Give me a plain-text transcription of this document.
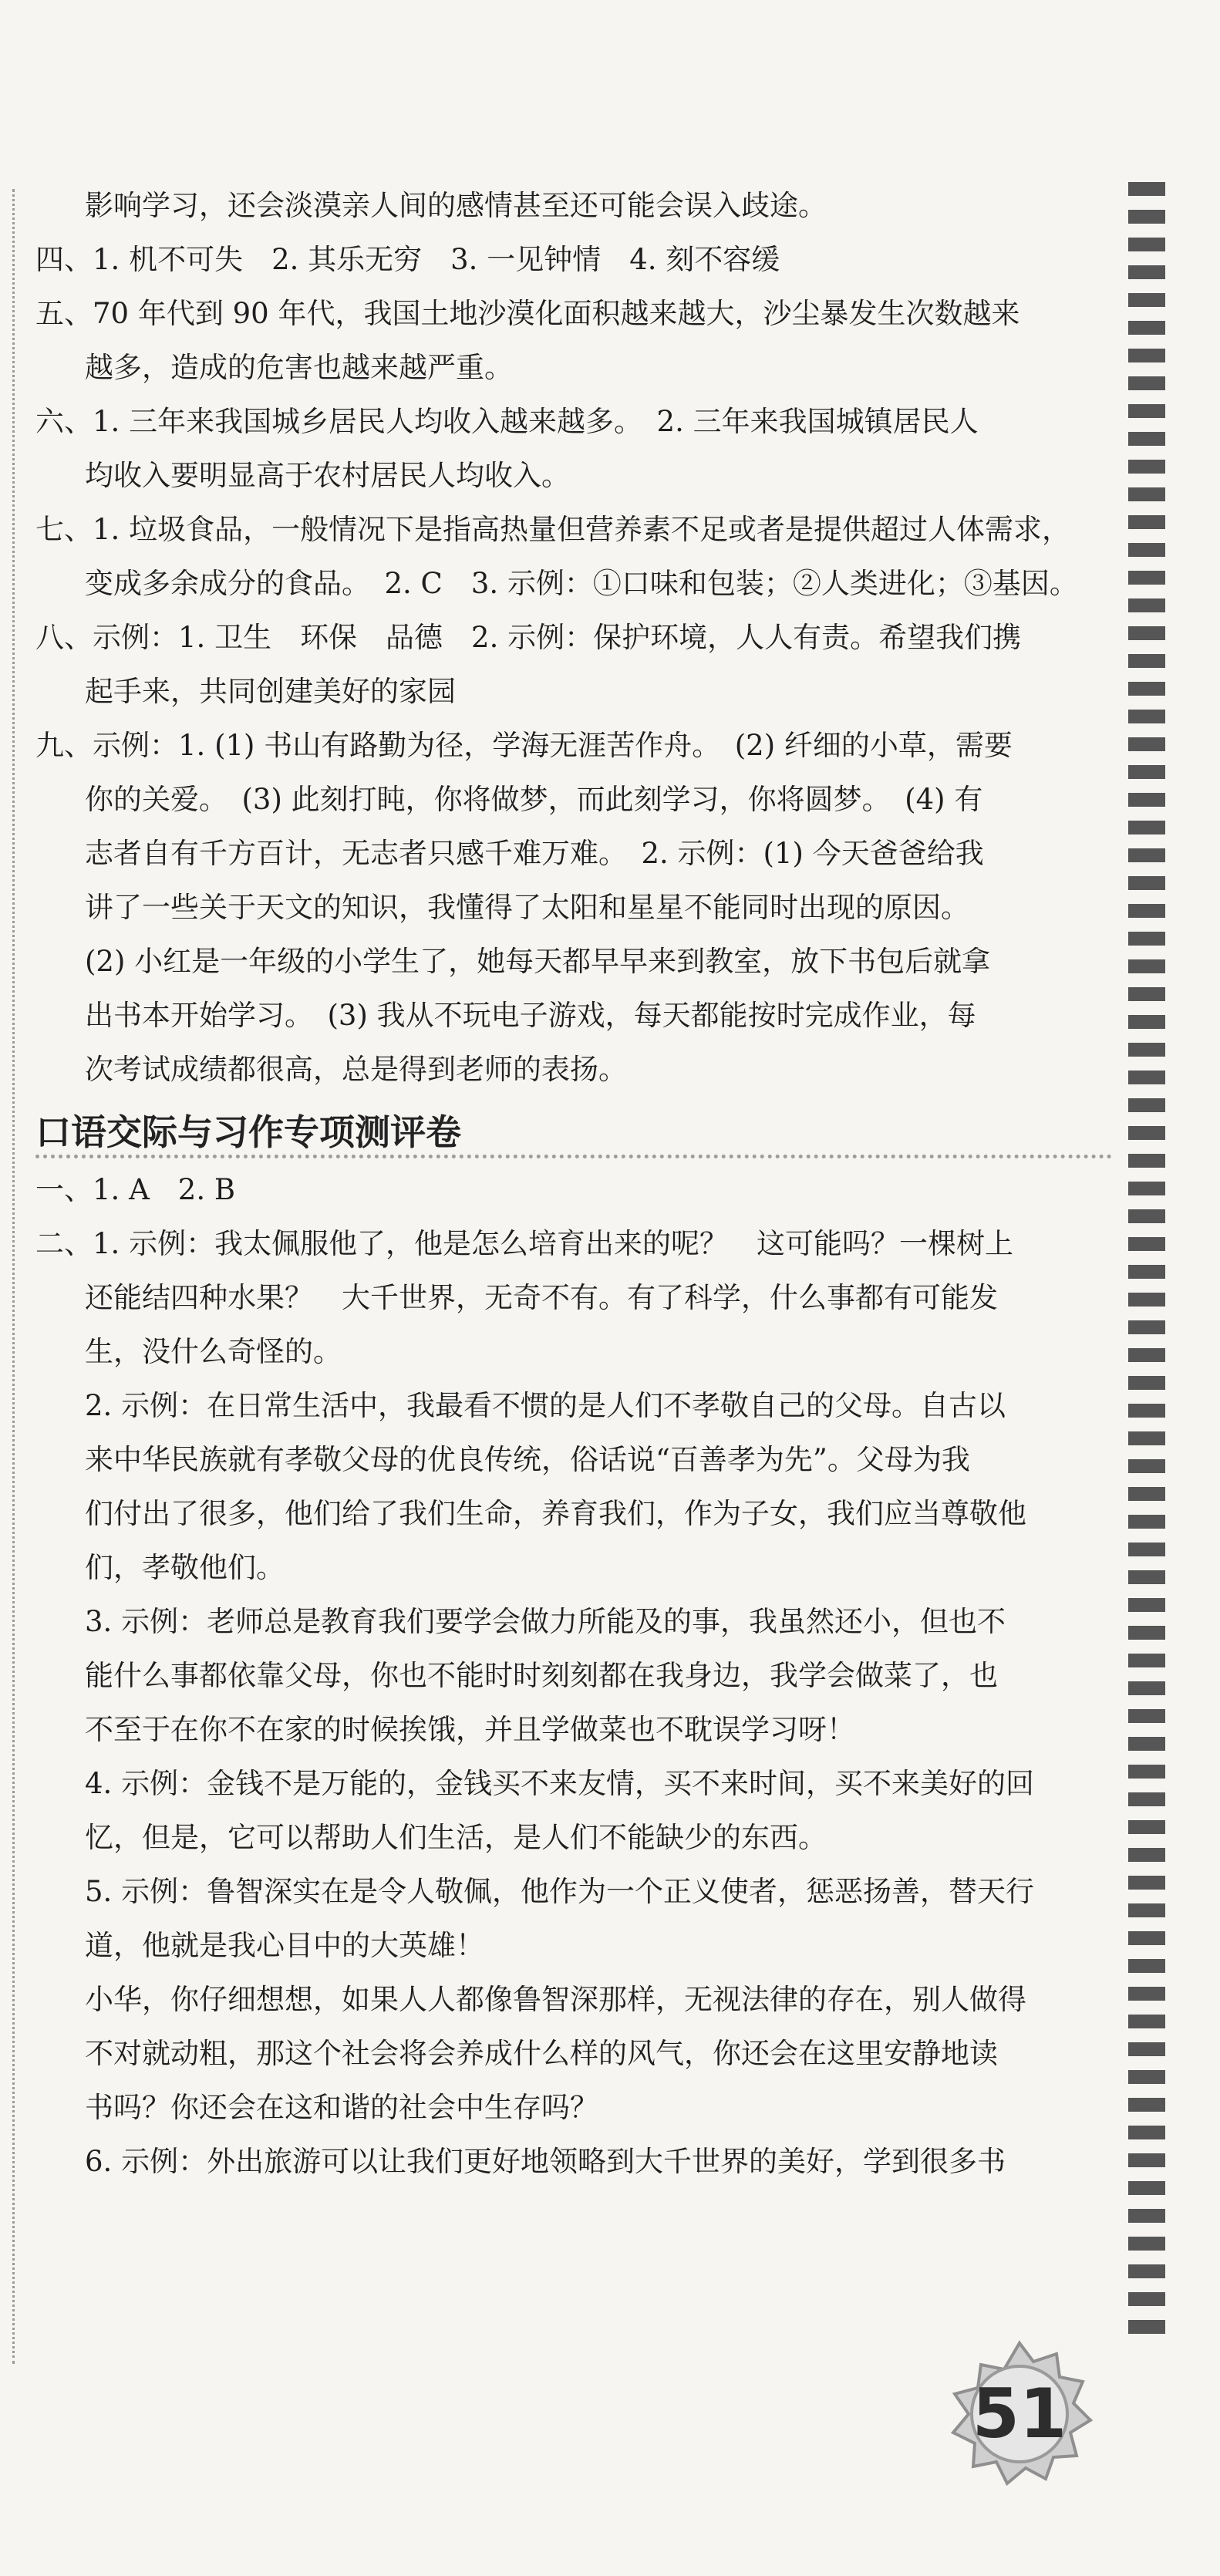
影响学习，还会淡漠亲人间的感情甚至还可能会误入歧途。
四、1. 机不可失　2. 其乐无穷　3. 一见钟情　4. 刻不容缓
五、70 年代到 90 年代，我国土地沙漠化面积越来越大，沙尘暴发生次数越来
越多，造成的危害也越来越严重。
六、1. 三年来我国城乡居民人均收入越来越多。　2. 三年来我国城镇居民人
均收入要明显高于农村居民人均收入。
七、1. 垃圾食品，一般情况下是指高热量但营养素不足或者是提供超过人体需求，
变成多余成分的食品。　2. C　3. 示例：①口味和包装；②人类进化；③基因。
八、示例：1. 卫生　环保　品德　2. 示例：保护环境，人人有责。希望我们携
起手来，共同创建美好的家园
九、示例：1. (1) 书山有路勤为径，学海无涯苦作舟。　(2) 纤细的小草，需要
你的关爱。　(3) 此刻打盹，你将做梦，而此刻学习，你将圆梦。　(4) 有
志者自有千方百计，无志者只感千难万难。　2. 示例：(1) 今天爸爸给我
讲了一些关于天文的知识，我懂得了太阳和星星不能同时出现的原因。
(2) 小红是一年级的小学生了，她每天都早早来到教室，放下书包后就拿
出书本开始学习。　(3) 我从不玩电子游戏，每天都能按时完成作业，每
次考试成绩都很高，总是得到老师的表扬。
口语交际与习作专项测评卷
一、1. A　2. B
二、1. 示例：我太佩服他了，他是怎么培育出来的呢？　这可能吗？一棵树上
还能结四种水果？　大千世界，无奇不有。有了科学，什么事都有可能发
生，没什么奇怪的。
2. 示例：在日常生活中，我最看不惯的是人们不孝敬自己的父母。自古以
来中华民族就有孝敬父母的优良传统，俗话说“百善孝为先”。父母为我
们付出了很多，他们给了我们生命，养育我们，作为子女，我们应当尊敬他
们，孝敬他们。
3. 示例：老师总是教育我们要学会做力所能及的事，我虽然还小，但也不
能什么事都依靠父母，你也不能时时刻刻都在我身边，我学会做菜了，也
不至于在你不在家的时候挨饿，并且学做菜也不耽误学习呀！
4. 示例：金钱不是万能的，金钱买不来友情，买不来时间，买不来美好的回
忆，但是，它可以帮助人们生活，是人们不能缺少的东西。
5. 示例：鲁智深实在是令人敬佩，他作为一个正义使者，惩恶扬善，替天行
道，他就是我心目中的大英雄！
小华，你仔细想想，如果人人都像鲁智深那样，无视法律的存在，别人做得
不对就动粗，那这个社会将会养成什么样的风气，你还会在这里安静地读
书吗？你还会在这和谐的社会中生存吗？
6. 示例：外出旅游可以让我们更好地领略到大千世界的美好，学到很多书
51
